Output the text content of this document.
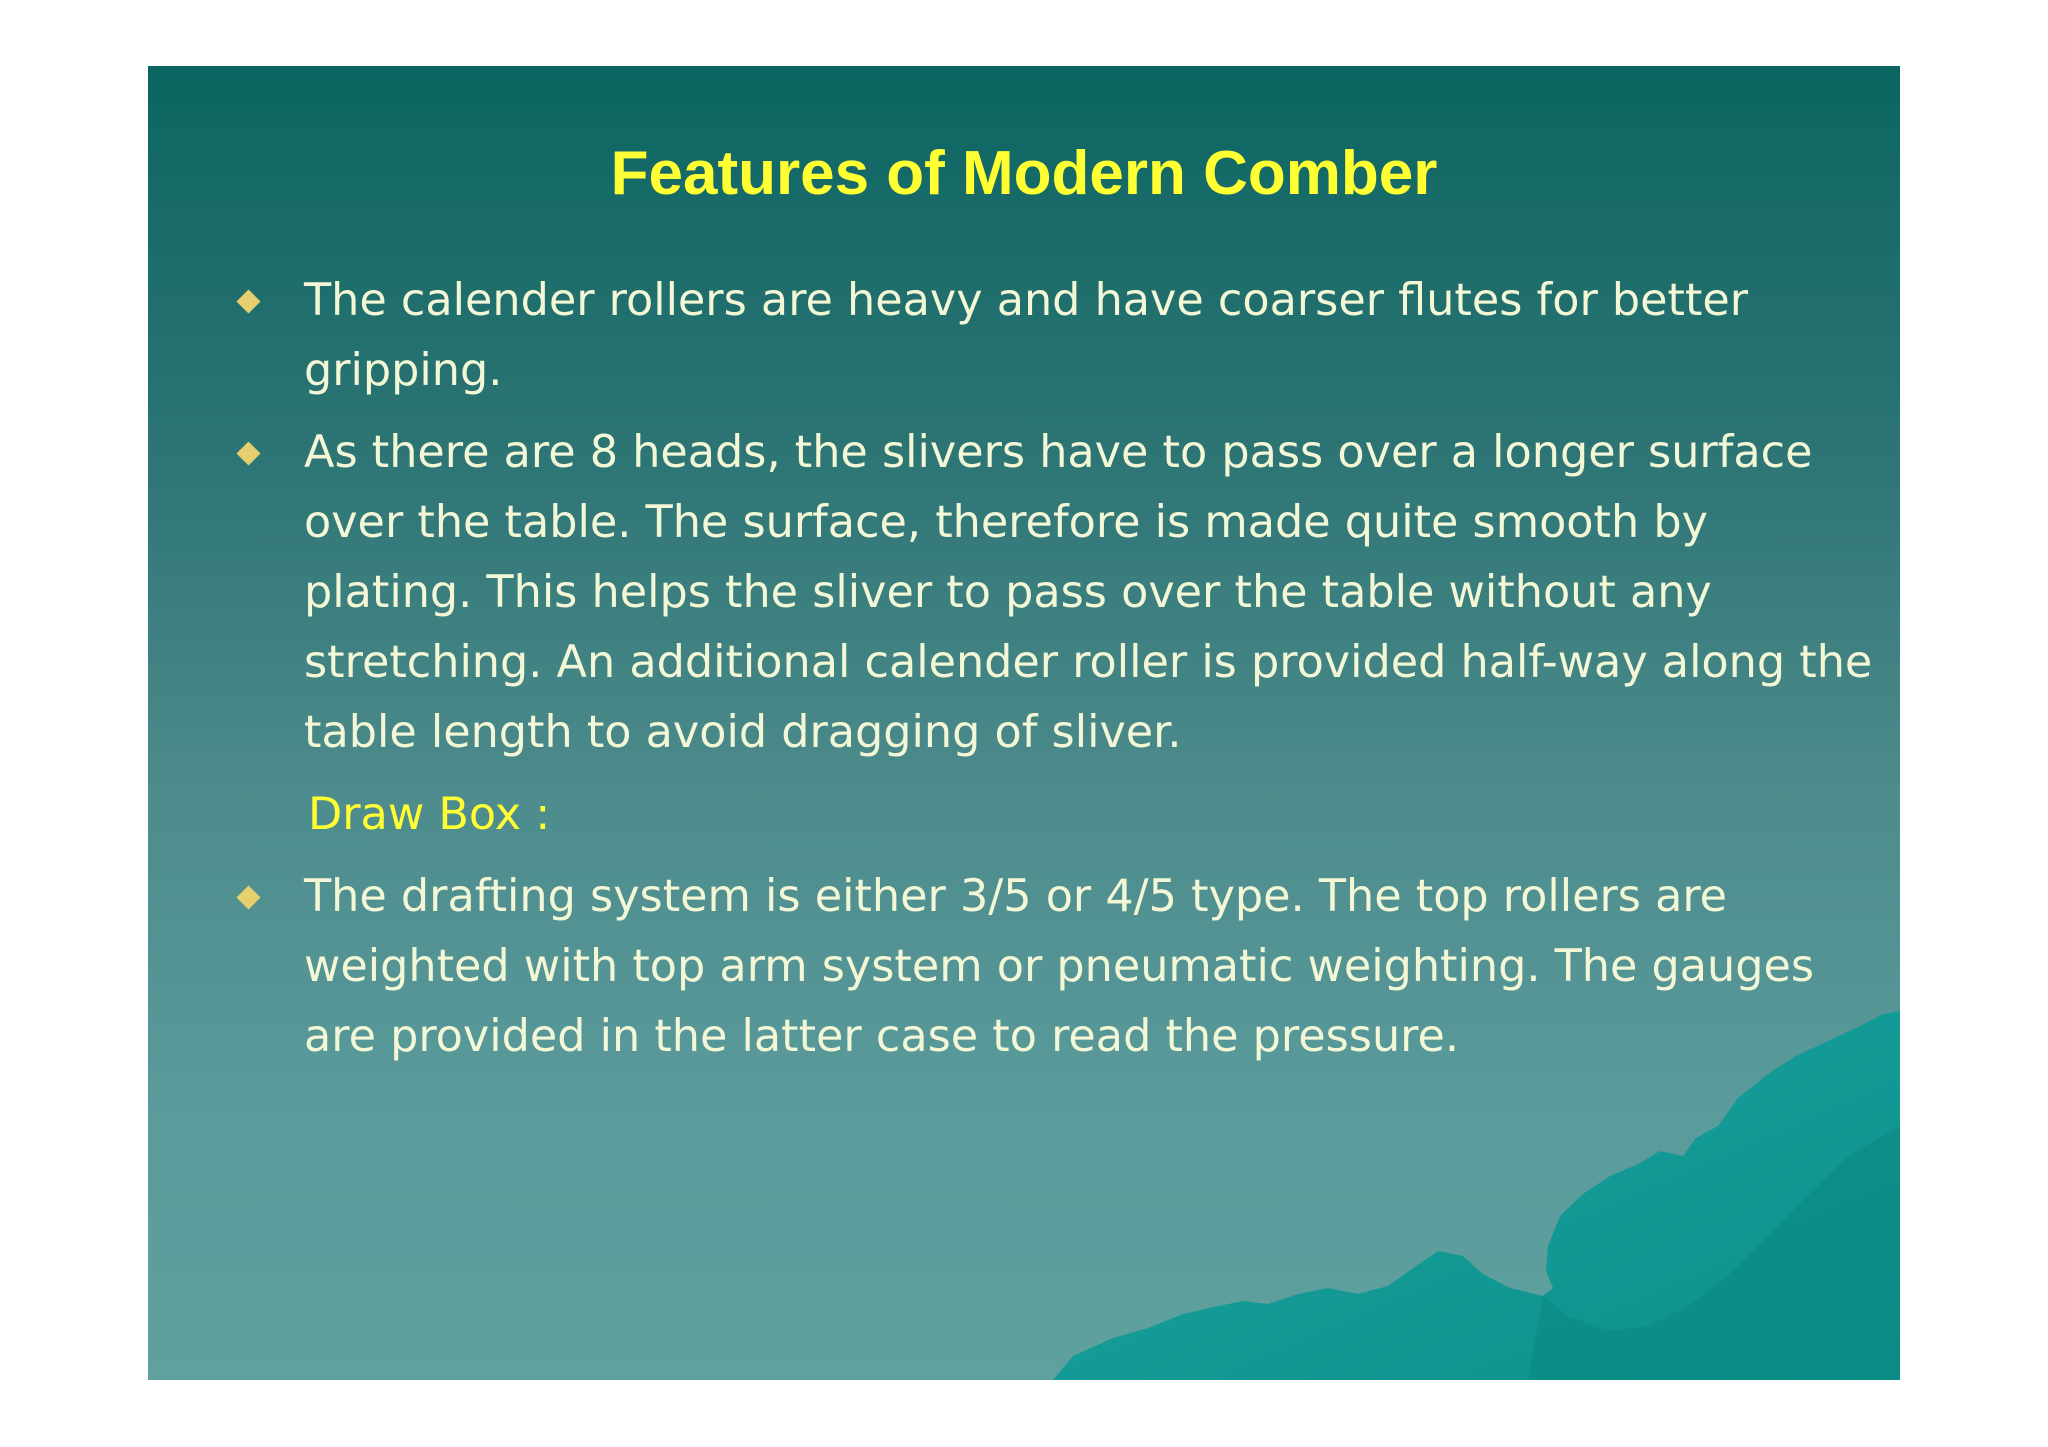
Features of Modern Comber
The calender rollers are heavy and have coarser flutes for better gripping.
As there are 8 heads, the slivers have to pass over a longer surface over the table. The surface, therefore is made quite smooth by plating. This helps the sliver to pass over the table without any stretching. An additional calender roller is provided half-way along the table length to avoid dragging of sliver.
Draw Box :
The drafting system is either 3/5 or 4/5 type. The top rollers are weighted with top arm system or pneumatic weighting. The gauges are provided in the latter case to read the pressure.
